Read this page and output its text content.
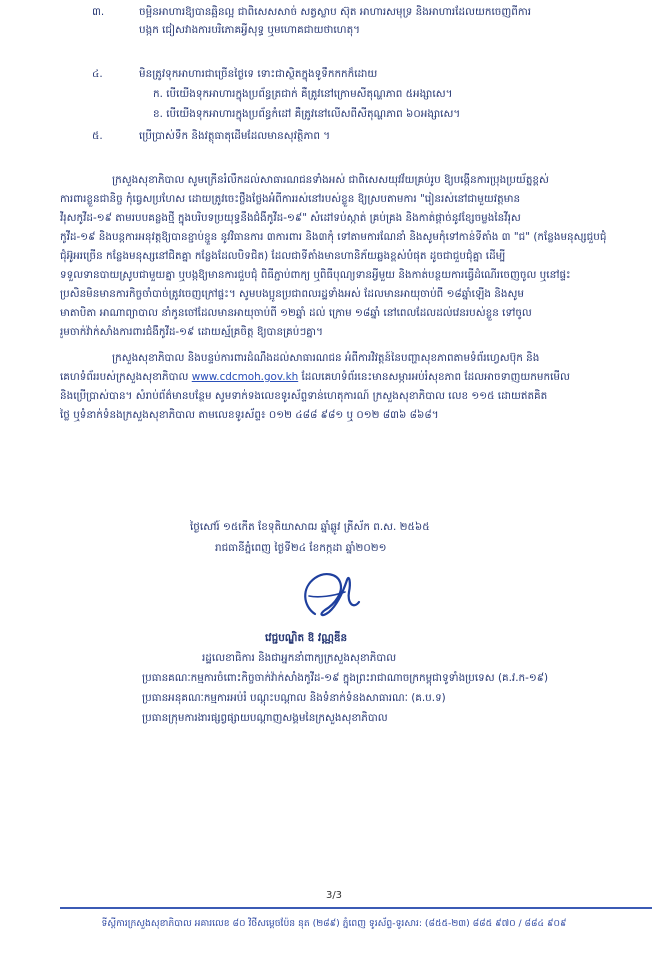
៣.	ចម្អិនអាហារឱ្យបានឆ្អិនល្អ ជាពិសេសសាច់ សត្វស្លាប ស៊ុត អាហារសមុទ្រ និងអាហារដែលយកចេញពីការ
បង្កក ជៀសវាងការបរិភោគអ្វីសុទ្ធ ឬមហោគជាយថាហេតុ។
៤.	មិនត្រូវទុកអាហារជាច្រើនថ្ងៃទេ ទោះជាស្ថិតក្នុងទូទឹកកកក៏ដោយ
ក. បើយើងទុកអាហារក្នុងប្រព័ន្ធត្រជាក់ គឺត្រូវនៅក្រោមសីតុណ្ហភាព ៥អង្សាសេ។
ខ. បើយើងទុកអាហារក្នុងប្រព័ន្ធកំដៅ គឺត្រូវនៅលើសពីសីតុណ្ហភាព ៦០អង្សាសេ។
៥.	ប្រើប្រាស់ទឹក និងវត្ថុធាតុដើមដែលមានសុវត្ថិភាព ។
ក្រសួងសុខាភិបាល សូមក្រើនរំលឹកដល់សាធារណជនទាំងអស់ ជាពិសេសយុវវ័យគ្រប់រូប ឱ្យបង្កើនការប្រុងប្រយ័ត្នខ្ពស់
ការពារខ្លួនជានិច្ច កុំធ្វេសប្រហែស ដោយត្រូវចេះថ្លឹងថ្លែងអំពីការរស់នៅរបស់ខ្លួន ឱ្យស្របតាមការ "រៀនរស់នៅជាមួយវត្តមាន
វីរុសកូវីដ-១៩ តាមរបបគន្លងថ្មី ក្នុងបរិបទប្រយុទ្ធនឹងជំងឺកូវីដ-១៩" សំដៅទប់ស្កាត់ គ្រប់គ្រង និងកាត់ផ្តាច់នូវខ្សែចម្លងនៃវីរុស
កូវីដ-១៩ និងបន្តការអនុវត្តឱ្យបានខ្ជាប់ខ្ជួន នូវវិធានការ ៣ការពារ និង៣កុំ ទៅតាមការណែនាំ និងសូមកុំទៅកាន់ទីតាំង ៣ "ជ" (កន្លែងមនុស្សជួបជុំ
ជុំអ៊ូអរច្រើន កន្លែងមនុស្សនៅជិតគ្នា កន្លែងដែលបិទជិត) ដែលជាទីតាំងមានហានិភ័យឆ្លងខ្ពស់បំផុត ដូចជាជួបជុំគ្នា ដើម្បី
ទទួលទានបាយស្រូបជាមួយគ្នា ឬបង្កឱ្យមានការជួបជុំ ពិធីភ្ជាប់ពាក្យ ឬពិធីបុណ្យទានអ្វីមួយ និងកាត់បន្ថយការធ្វើដំណើរចេញចូល ឬនៅផ្ទះ
ប្រសិនមិនមានការកិច្ចចាំបាច់ត្រូវចេញក្រៅផ្ទះ។ សូមបងប្អូនប្រជាពលរដ្ឋទាំងអស់ ដែលមានអាយុចាប់ពី ១៨ឆ្នាំឡើង និងសូម
មាតាបិតា អាណាព្យាបាល នាំកូនចៅដែលមានអាយុចាប់ពី ១២ឆ្នាំ ដល់ ក្រោម ១៨ឆ្នាំ នៅពេលដែលដល់វេនរបស់ខ្លួន ទៅចូល
រួមចាក់វ៉ាក់សាំងការពារជំងឺកូវីដ-១៩ ដោយស្ម័គ្រចិត្ត ឱ្យបានគ្រប់ៗគ្នា។
ក្រសួងសុខាភិបាល និងបន្ទប់ការពារដំណឹងដល់សាធារណជន អំពីការវិវត្តន៍នៃបញ្ហាសុខភាពតាមទំព័រហ្វេសប៊ុក និង
គេហទំព័ររបស់ក្រសួងសុខាភិបាល www.cdcmoh.gov.kh ដែលគេហទំព័រនេះមានសម្ភារអប់រំសុខភាព ដែលអាចទាញយកមកមើល
និងប្រើប្រាស់បាន។ សំរាប់ព័ត៌មានបន្ថែម សូមទាក់ទងលេខទូរស័ព្ទទាន់ហេតុការណ៍ ក្រសួងសុខាភិបាល លេខ ១១៥ ដោយឥតគិត
ថ្លៃ ឬទំនាក់ទំនងក្រសួងសុខាភិបាល តាមលេខទូរស័ព្ទ៖ ០១២ ៤៨៨ ៩៨១ ឬ ០១២ ៨៣៦ ៨៦៨។
ថ្ងៃសៅរ៍ ១៥កើត ខែទុតិយាសាឍ ឆ្នាំឆ្លូវ ត្រីស័ក ព.ស. ២៥៦៥
រាជធានីភ្នំពេញ ថ្ងៃទី២៤ ខែកក្កដា ឆ្នាំ២០២១
វេជ្ជបណ្ឌិត ឱ វណ្ណឌីន
រដ្ឋលេខាធិការ និងជាអ្នកនាំពាក្យក្រសួងសុខាភិបាល
ប្រធានគណៈកម្មការចំពោះកិច្ចចាក់វ៉ាក់សាំងកូវីដ-១៩ ក្នុងព្រះរាជាណាចក្រកម្ពុជាទូទាំងប្រទេស (គ.វ.ក-១៩)
ប្រធានអនុគណៈកម្មការអប់រំ បណ្តុះបណ្តាល និងទំនាក់ទំនងសាធារណៈ (គ.ប.ទ)
ប្រធានក្រុមការងារផ្សព្វផ្សាយបណ្តាញសង្គមនៃក្រសួងសុខាភិបាល
3/3
ទីស្តីការក្រសួងសុខាភិបាល អគារលេខ ៨០ វិថីសម្តេចប៉ែន នុត (២៨៩) ភ្នំពេញ ទូរស័ព្ទ-ទូរសារ: (៨៥៥-២៣) ៨៨៥ ៩៧០ / ៨៨៤ ៩០៩
